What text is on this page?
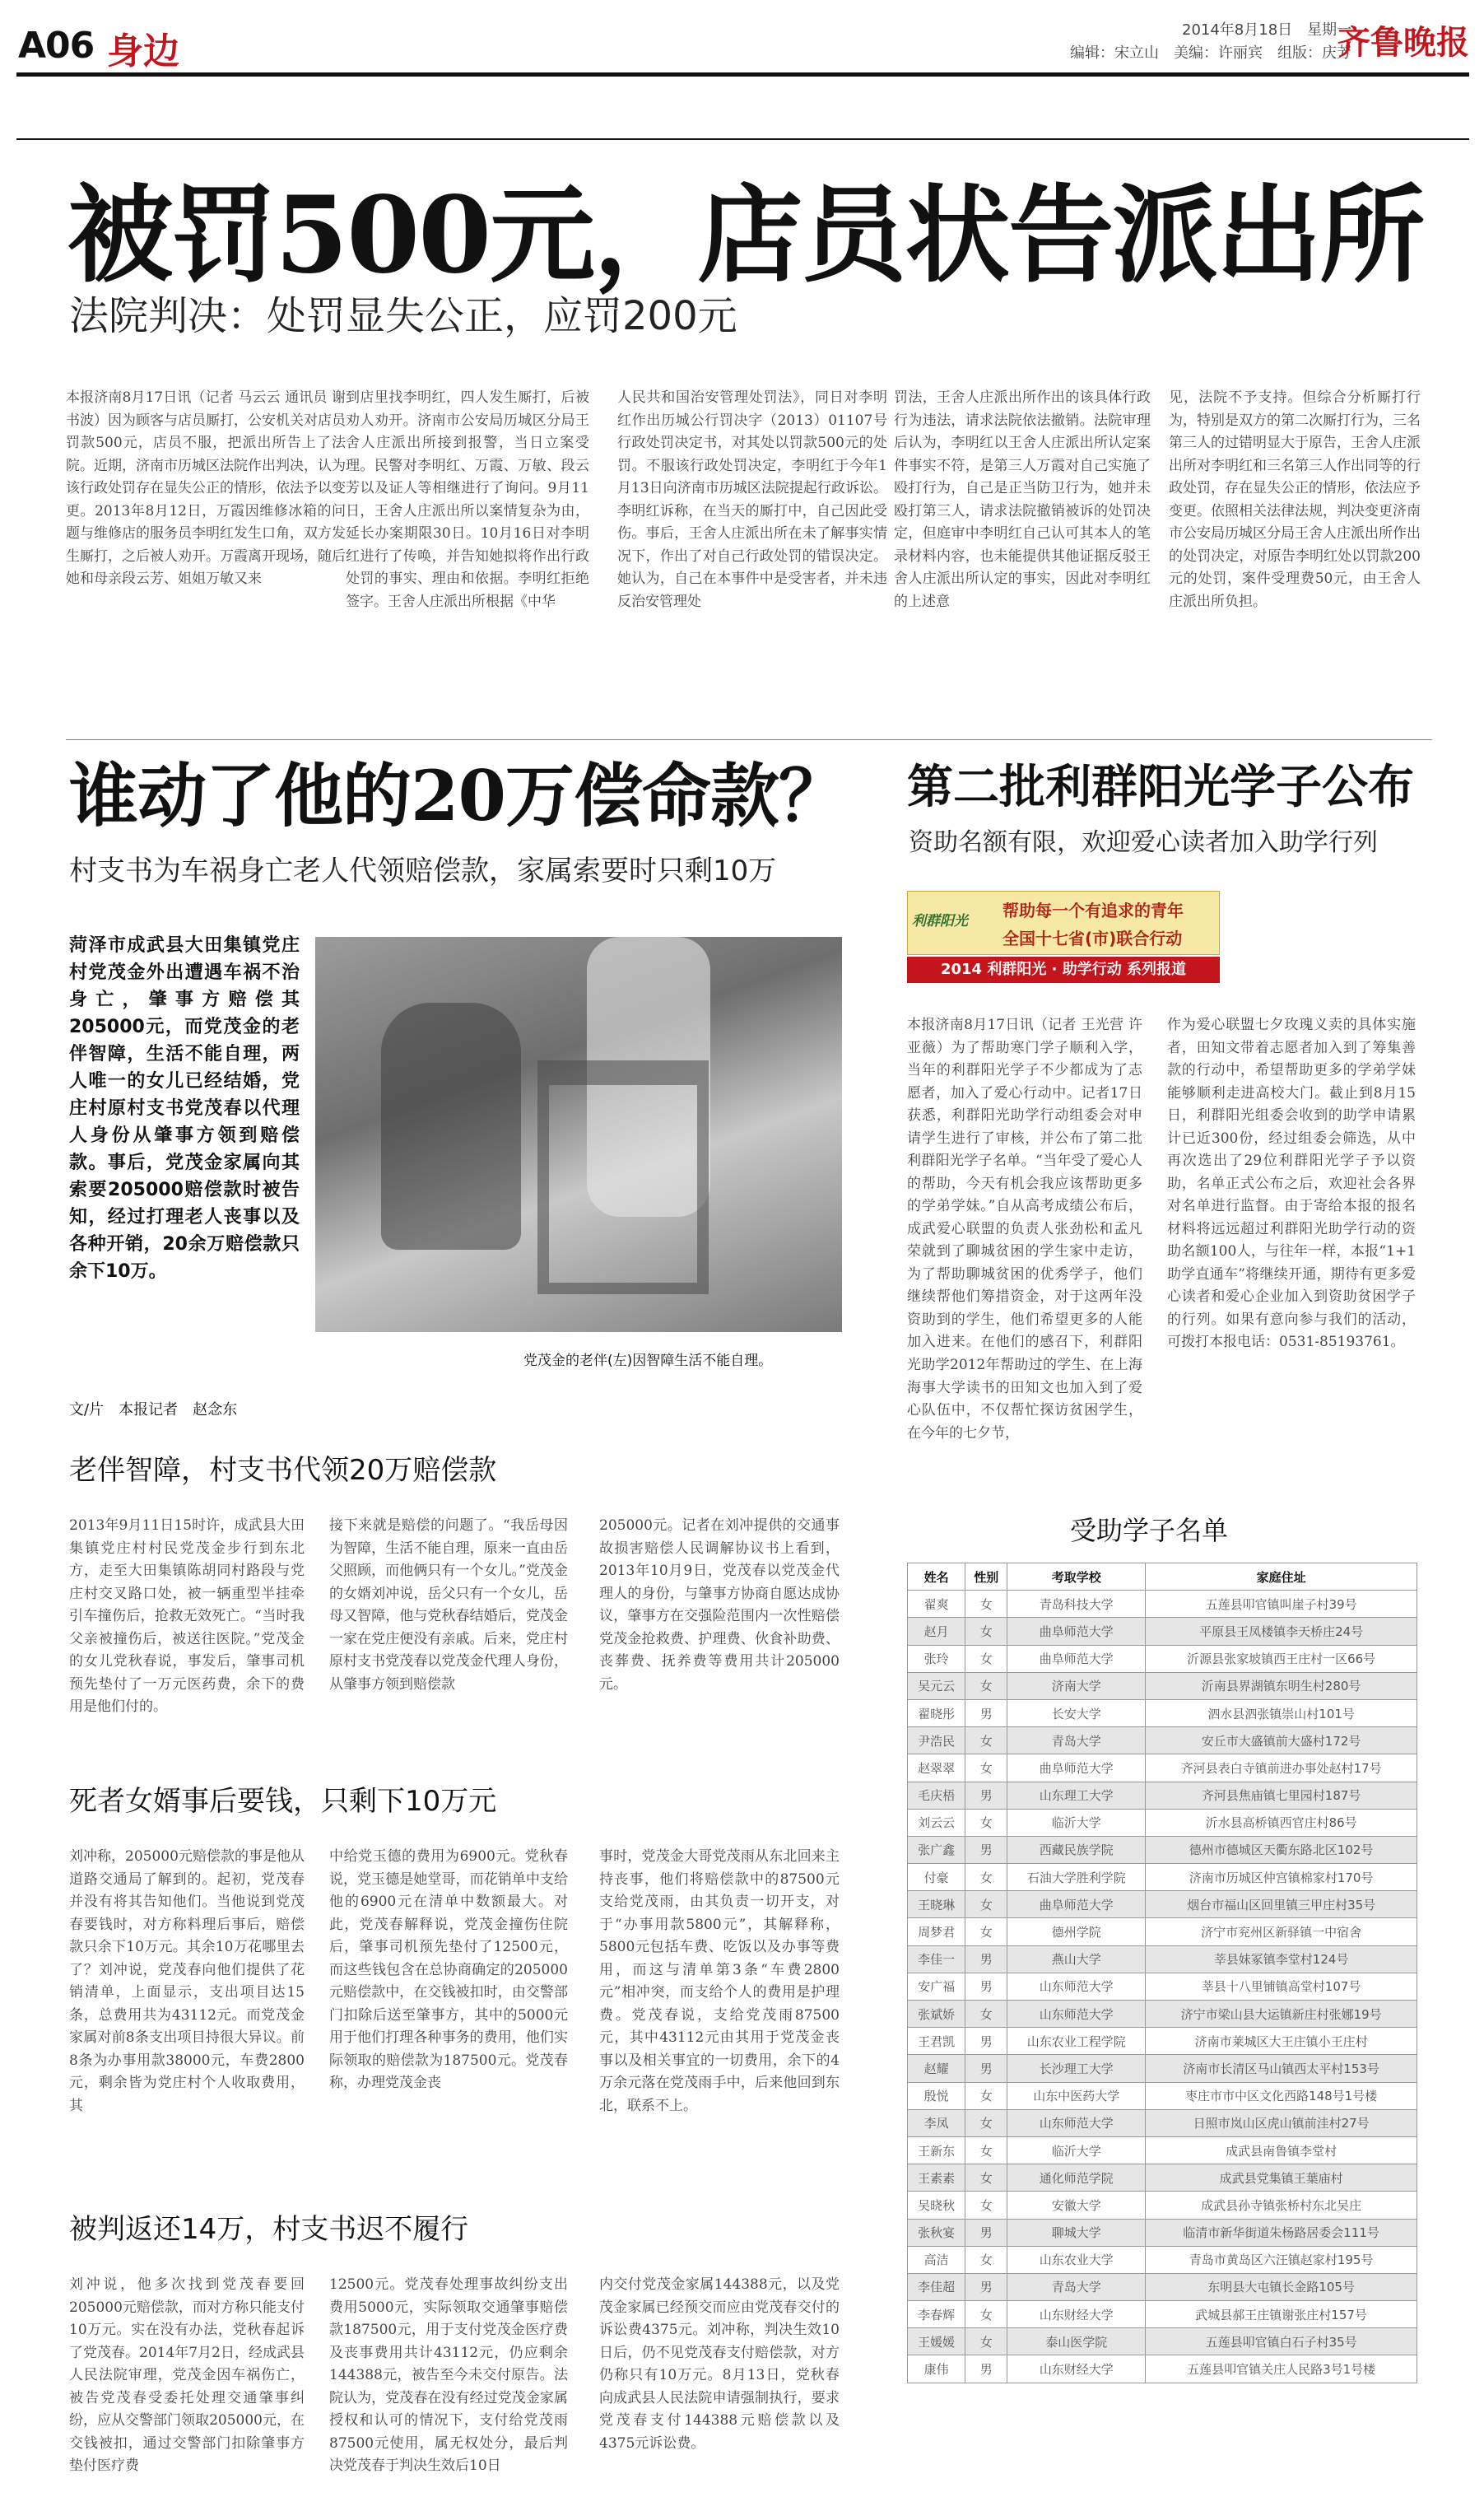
A06 身边
2014年8月18日　星期一
编辑：宋立山　美编：许丽宾　组版：庆芳
齐鲁晚报
被罚500元，店员状告派出所
法院判决：处罚显失公正，应罚200元
本报济南8月17日讯（记者 马云云 通讯员 谢书波）因为顾客与店员厮打，公安机关对店员罚款500元，店员不服，把派出所告上了法院。近期，济南市历城区法院作出判决，认为该行政处罚存在显失公正的情形，依法予以变更。2013年8月12日，万霞因维修冰箱的问题与维修店的服务员李明红发生口角，双方发生厮打，之后被人劝开。万霞离开现场，随后她和母亲段云芳、姐姐万敏又来
到店里找李明红，四人发生厮打，后被劝人劝开。济南市公安局历城区分局王舍人庄派出所接到报警，当日立案受理。民警对李明红、万霞、万敏、段云芳以及证人等相继进行了询问。9月11日，王舍人庄派出所以案情复杂为由，延长办案期限30日。10月16日对李明红进行了传唤，并告知她拟将作出行政处罚的事实、理由和依据。李明红拒绝签字。王舍人庄派出所根据《中华
人民共和国治安管理处罚法》，同日对李明红作出历城公行罚决字（2013）01107号行政处罚决定书，对其处以罚款500元的处罚。不服该行政处罚决定，李明红于今年1月13日向济南市历城区法院提起行政诉讼。李明红诉称，在当天的厮打中，自己因此受伤。事后，王舍人庄派出所在未了解事实情况下，作出了对自己行政处罚的错误决定。她认为，自己在本事件中是受害者，并未违反治安管理处
罚法，王舍人庄派出所作出的该具体行政行为违法，请求法院依法撤销。法院审理后认为，李明红以王舍人庄派出所认定案件事实不符，是第三人万霞对自己实施了殴打行为，自己是正当防卫行为，她并未殴打第三人，请求法院撤销被诉的处罚决定，但庭审中李明红自己认可其本人的笔录材料内容，也未能提供其他证据反驳王舍人庄派出所认定的事实，因此对李明红的上述意
见，法院不予支持。但综合分析厮打行为，特别是双方的第二次厮打行为，三名第三人的过错明显大于原告，王舍人庄派出所对李明红和三名第三人作出同等的行政处罚，存在显失公正的情形，依法应予变更。依照相关法律法规，判决变更济南市公安局历城区分局王舍人庄派出所作出的处罚决定，对原告李明红处以罚款200元的处罚，案件受理费50元，由王舍人庄派出所负担。
谁动了他的20万偿命款？
村支书为车祸身亡老人代领赔偿款，家属索要时只剩10万
菏泽市成武县大田集镇党庄村党茂金外出遭遇车祸不治身亡，肇事方赔偿其205000元，而党茂金的老伴智障，生活不能自理，两人唯一的女儿已经结婚，党庄村原村支书党茂春以代理人身份从肇事方领到赔偿款。事后，党茂金家属向其索要205000赔偿款时被告知，经过打理老人丧事以及各种开销，20余万赔偿款只余下10万。
党茂金的老伴(左)因智障生活不能自理。
文/片　本报记者　赵念东
老伴智障，村支书代领20万赔偿款
2013年9月11日15时许，成武县大田集镇党庄村村民党茂金步行到东北方，走至大田集镇陈胡同村路段与党庄村交叉路口处，被一辆重型半挂牵引车撞伤后，抢救无效死亡。“当时我父亲被撞伤后，被送往医院。”党茂金的女儿党秋春说，事发后，肇事司机预先垫付了一万元医药费，余下的费用是他们付的。
接下来就是赔偿的问题了。“我岳母因为智障，生活不能自理，原来一直由岳父照顾，而他俩只有一个女儿。”党茂金的女婿刘冲说，岳父只有一个女儿，岳母又智障，他与党秋春结婚后，党茂金一家在党庄便没有亲戚。后来，党庄村原村支书党茂春以党茂金代理人身份，从肇事方领到赔偿款
205000元。记者在刘冲提供的交通事故损害赔偿人民调解协议书上看到，2013年10月9日，党茂春以党茂金代理人的身份，与肇事方协商自愿达成协议，肇事方在交强险范围内一次性赔偿党茂金抢救费、护理费、伙食补助费、丧葬费、抚养费等费用共计205000元。
死者女婿事后要钱，只剩下10万元
刘冲称，205000元赔偿款的事是他从道路交通局了解到的。起初，党茂春并没有将其告知他们。当他说到党茂春要钱时，对方称料理后事后，赔偿款只余下10万元。其余10万花哪里去了？刘冲说，党茂春向他们提供了花销清单，上面显示，支出项目达15条，总费用共为43112元。而党茂金家属对前8条支出项目持很大异议。前8条为办事用款38000元，车费2800元，剩余皆为党庄村个人收取费用，其
中给党玉德的费用为6900元。党秋春说，党玉德是她堂哥，而花销单中支给他的6900元在清单中数额最大。对此，党茂春解释说，党茂金撞伤住院后，肇事司机预先垫付了12500元，而这些钱包含在总协商确定的205000元赔偿款中，在交钱被扣时，由交警部门扣除后送至肇事方，其中的5000元用于他们打理各种事务的费用，他们实际领取的赔偿款为187500元。党茂春称，办理党茂金丧
事时，党茂金大哥党茂雨从东北回来主持丧事，他们将赔偿款中的87500元支给党茂雨，由其负责一切开支，对于“办事用款5800元”，其解释称，5800元包括车费、吃饭以及办事等费用，而这与清单第3条“车费2800元”相冲突，而支给个人的费用是护理费。党茂春说，支给党茂雨87500元，其中43112元由其用于党茂金丧事以及相关事宜的一切费用，余下的4万余元落在党茂雨手中，后来他回到东北，联系不上。
被判返还14万，村支书迟不履行
刘冲说，他多次找到党茂春要回205000元赔偿款，而对方称只能支付10万元。实在没有办法，党秋春起诉了党茂春。2014年7月2日，经成武县人民法院审理，党茂金因车祸伤亡，被告党茂春受委托处理交通肇事纠纷，应从交警部门领取205000元，在交钱被扣，通过交警部门扣除肇事方垫付医疗费
12500元。党茂春处理事故纠纷支出费用5000元，实际领取交通肇事赔偿款187500元，用于支付党茂金医疗费及丧事费用共计43112元，仍应剩余144388元，被告至今未交付原告。法院认为，党茂春在没有经过党茂金家属授权和认可的情况下，支付给党茂雨87500元使用，属无权处分，最后判决党茂春于判决生效后10日
内交付党茂金家属144388元，以及党茂金家属已经预交而应由党茂春交付的诉讼费4375元。刘冲称，判决生效10日后，仍不见党茂春支付赔偿款，对方仍称只有10万元。8月13日，党秋春向成武县人民法院申请强制执行，要求党茂春支付144388元赔偿款以及4375元诉讼费。
第二批利群阳光学子公布
资助名额有限，欢迎爱心读者加入助学行列
利群阳光
帮助每一个有追求的青年
全国十七省(市)联合行动
2014 利群阳光 · 助学行动 系列报道
本报济南8月17日讯（记者 王光营 许亚薇）为了帮助寒门学子顺利入学，当年的利群阳光学子不少都成为了志愿者，加入了爱心行动中。记者17日获悉，利群阳光助学行动组委会对申请学生进行了审核，并公布了第二批利群阳光学子名单。“当年受了爱心人的帮助，今天有机会我应该帮助更多的学弟学妹。”自从高考成绩公布后，成武爱心联盟的负责人张劲松和孟凡荣就到了聊城贫困的学生家中走访，为了帮助聊城贫困的优秀学子，他们继续帮他们筹措资金，对于这两年没资助到的学生，他们希望更多的人能加入进来。在他们的感召下，利群阳光助学2012年帮助过的学生、在上海海事大学读书的田知文也加入到了爱心队伍中，不仅帮忙探访贫困学生，在今年的七夕节，
作为爱心联盟七夕玫瑰义卖的具体实施者，田知文带着志愿者加入到了筹集善款的行动中，希望帮助更多的学弟学妹能够顺利走进高校大门。截止到8月15日，利群阳光组委会收到的助学申请累计已近300份，经过组委会筛选，从中再次选出了29位利群阳光学子予以资助，名单正式公布之后，欢迎社会各界对名单进行监督。由于寄给本报的报名材料将远远超过利群阳光助学行动的资助名额100人，与往年一样，本报“1+1助学直通车”将继续开通，期待有更多爱心读者和爱心企业加入到资助贫困学子的行列。如果有意向参与我们的活动，可拨打本报电话：0531-85193761。
受助学子名单
姓名	性别	考取学校	家庭住址
翟爽	女	青岛科技大学	五莲县叩官镇叫崖子村39号
赵月	女	曲阜师范大学	平原县王凤楼镇李天桥庄24号
张玲	女	曲阜师范大学	沂源县张家坡镇西王庄村一区66号
吴元云	女	济南大学	沂南县界湖镇东明生村280号
翟晓彤	男	长安大学	泗水县泗张镇崇山村101号
尹浩民	女	青岛大学	安丘市大盛镇前大盛村172号
赵翠翠	女	曲阜师范大学	齐河县表白寺镇前进办事处赵村17号
毛庆梧	男	山东理工大学	齐河县焦庙镇七里园村187号
刘云云	女	临沂大学	沂水县高桥镇西官庄村86号
张广鑫	男	西藏民族学院	德州市德城区天衢东路北区102号
付豪	女	石油大学胜利学院	济南市历城区仲宫镇棉家村170号
王晓琳	女	曲阜师范大学	烟台市福山区回里镇三甲庄村35号
周梦君	女	德州学院	济宁市兖州区新驿镇一中宿舍
李佳一	男	燕山大学	莘县妹冢镇李堂村124号
安广福	男	山东师范大学	莘县十八里铺镇高堂村107号
张斌娇	女	山东师范大学	济宁市梁山县大运镇新庄村张娜19号
王君凯	男	山东农业工程学院	济南市莱城区大王庄镇小王庄村
赵耀	男	长沙理工大学	济南市长清区马山镇西太平村153号
殷悦	女	山东中医药大学	枣庄市市中区文化西路148号1号楼
李凤	女	山东师范大学	日照市岚山区虎山镇前洼村27号
王新东	女	临沂大学	成武县南鲁镇李堂村
王素素	女	通化师范学院	成武县党集镇王葉庙村
吴晓秋	女	安徽大学	成武县孙寺镇张桥村东北吴庄
张秋宴	男	聊城大学	临清市新华街道朱杨路居委会111号
高洁	女	山东农业大学	青岛市黄岛区六汪镇赵家村195号
李佳超	男	青岛大学	东明县大屯镇长金路105号
李春辉	女	山东财经大学	武城县郝王庄镇谢张庄村157号
王媛媛	女	泰山医学院	五莲县叩官镇白石子村35号
康伟	男	山东财经大学	五莲县叩官镇关庄人民路3号1号楼
